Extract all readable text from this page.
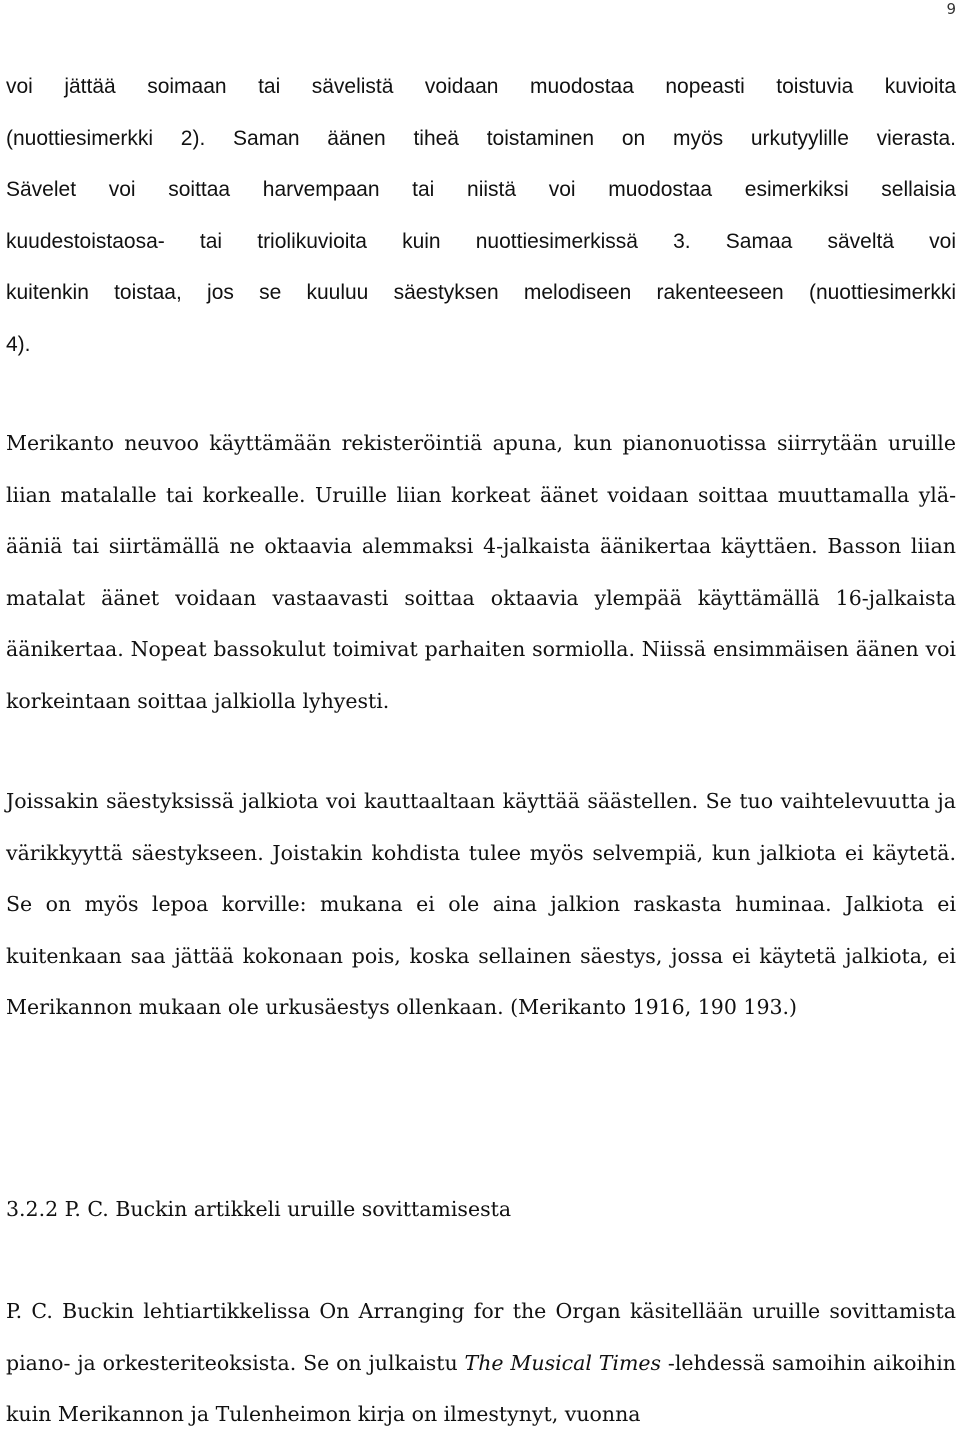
9
voi jättää soimaan tai sävelistä voidaan muodostaa nopeasti toistuvia kuvioita
(nuottiesimerkki 2). Saman äänen tiheä toistaminen on myös urkutyylille vierasta.
Sävelet voi soittaa harvempaan tai niistä voi muodostaa esimerkiksi sellaisia
kuudestoistaosa- tai triolikuvioita kuin nuottiesimerkissä 3. Samaa säveltä voi
kuitenkin toistaa, jos se kuuluu säestyksen melodiseen rakenteeseen (nuottiesimerkki
4).

Merikanto neuvoo käyttämään rekisteröintiä apuna, kun pianonuotissa siirrytään uruille liian matalalle tai korkealle. Uruille liian korkeat äänet voidaan soittaa muuttamalla ylä-ääniä tai siirtämällä ne oktaavia alemmaksi 4-jalkaista äänikertaa käyttäen. Basson liian matalat äänet voidaan vastaavasti soittaa oktaavia ylempää käyttämällä 16-jalkaista äänikertaa. Nopeat bassokulut toimivat parhaiten sormiolla. Niissä ensimmäisen äänen voi korkeintaan soittaa jalkiolla lyhyesti.

Joissakin säestyksissä jalkiota voi kauttaaltaan käyttää säästellen. Se tuo vaihtelevuutta ja värikkyyttä säestykseen. Joistakin kohdista tulee myös selvempiä, kun jalkiota ei käytetä. Se on myös lepoa korville: mukana ei ole aina jalkion raskasta huminaa. Jalkiota ei kuitenkaan saa jättää kokonaan pois, koska sellainen säestys, jossa ei käytetä jalkiota, ei Merikannon mukaan ole urkusäestys ollenkaan. (Merikanto 1916, 190 193.)

3.2.2 P. C. Buckin artikkeli uruille sovittamisesta

P. C. Buckin lehtiartikkelissa On Arranging for the Organ käsitellään uruille sovittamista piano- ja orkesteriteoksista. Se on julkaistu The Musical Times -lehdessä samoihin aikoihin kuin Merikannon ja Tulenheimon kirja on ilmestynyt, vuonna
